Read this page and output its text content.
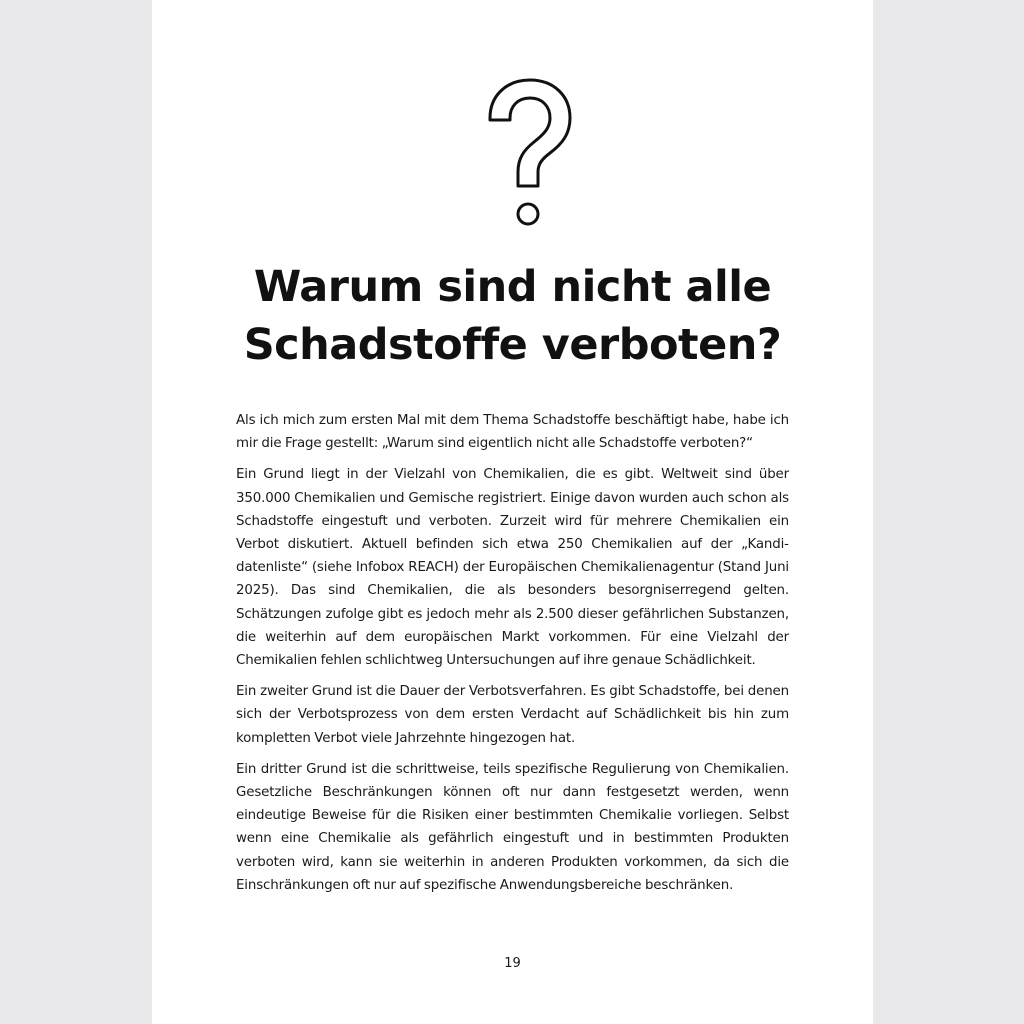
Warum sind nicht alle
Schadstoffe verboten?

Als ich mich zum ersten Mal mit dem Thema Schadstoffe beschäftigt habe, habe ich mir die Frage gestellt: „Warum sind eigentlich nicht alle Schadstoffe verboten?“

Ein Grund liegt in der Vielzahl von Chemikalien, die es gibt. Weltweit sind über 350.000 Chemikalien und Gemische registriert. Einige davon wurden auch schon als Schadstoffe eingestuft und verboten. Zurzeit wird für mehrere Chemikalien ein Verbot diskutiert. Aktuell befinden sich etwa 250 Chemikalien auf der „Kandidatenliste“ (siehe Infobox REACH) der Europäischen Chemikalienagentur (Stand Juni 2025). Das sind Chemikalien, die als besonders besorgniserregend gelten. Schätzungen zufolge gibt es jedoch mehr als 2.500 dieser gefährlichen Substanzen, die weiterhin auf dem europäischen Markt vorkommen. Für eine Vielzahl der Chemikalien fehlen schlichtweg Untersuchungen auf ihre genaue Schädlichkeit.

Ein zweiter Grund ist die Dauer der Verbotsverfahren. Es gibt Schadstoffe, bei denen sich der Verbotsprozess von dem ersten Verdacht auf Schädlichkeit bis hin zum kompletten Verbot viele Jahrzehnte hingezogen hat.

Ein dritter Grund ist die schrittweise, teils spezifische Regulierung von Chemikalien. Gesetzliche Beschränkungen können oft nur dann festgesetzt werden, wenn eindeutige Beweise für die Risiken einer bestimmten Chemikalie vorliegen. Selbst wenn eine Chemikalie als gefährlich eingestuft und in bestimmten Produkten verboten wird, kann sie weiterhin in anderen Produkten vorkommen, da sich die Einschränkungen oft nur auf spezifische Anwendungsbereiche beschränken.

19
